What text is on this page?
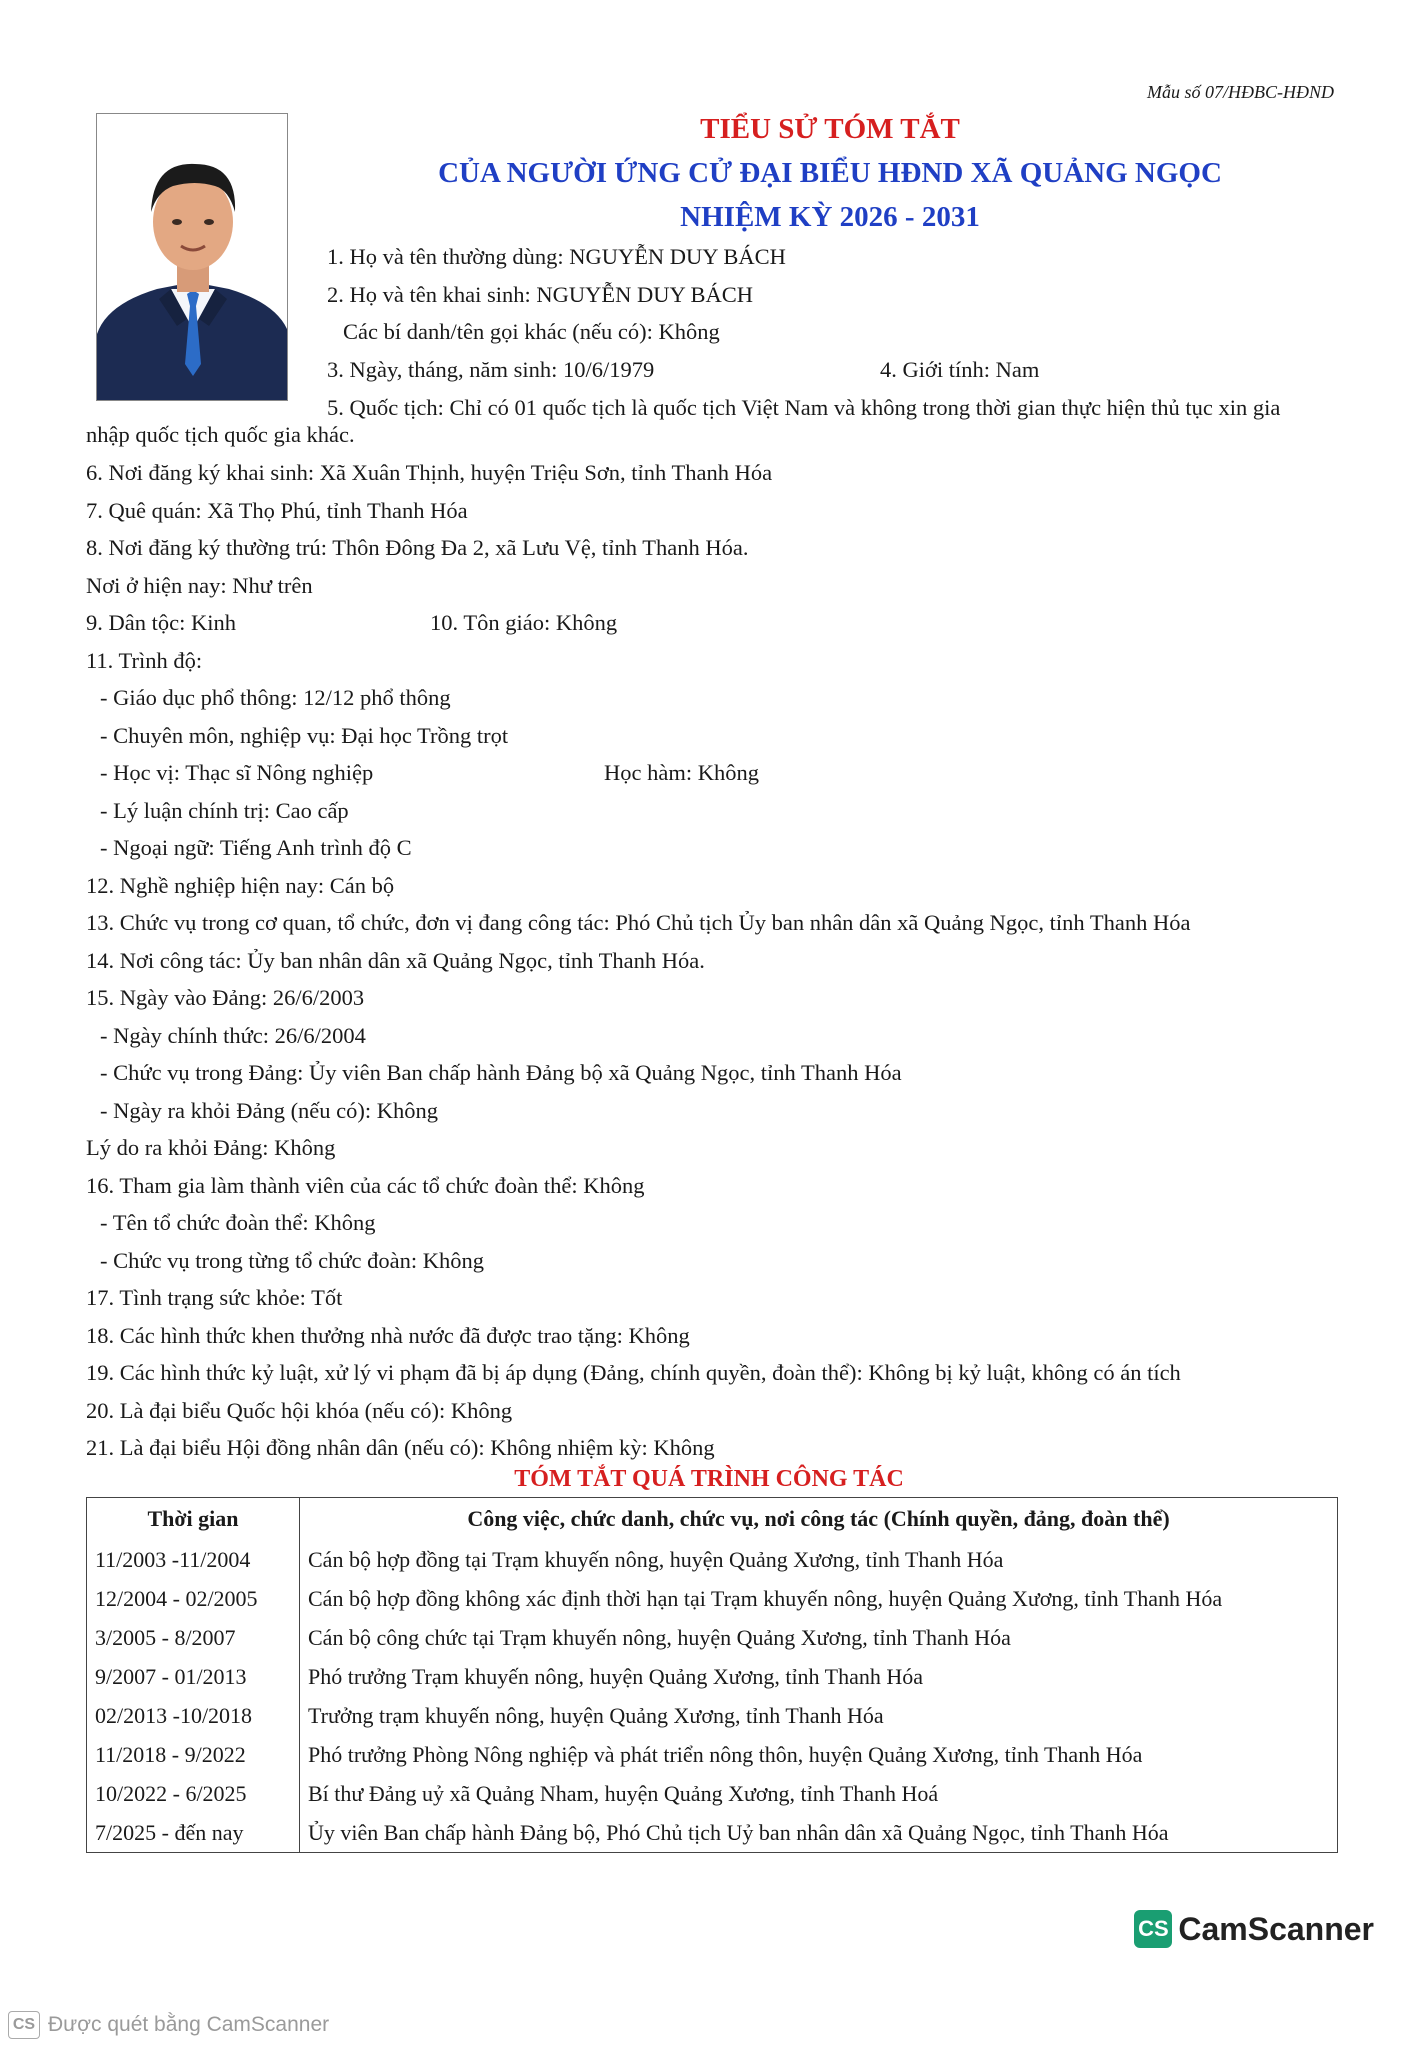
Mẫu số 07/HĐBC-HĐND
TIỂU SỬ TÓM TẮT
CỦA NGƯỜI ỨNG CỬ ĐẠI BIỂU HĐND XÃ QUẢNG NGỌC
NHIỆM KỲ 2026 - 2031
1. Họ và tên thường dùng: NGUYỄN DUY BÁCH
2. Họ và tên khai sinh: NGUYỄN DUY BÁCH
Các bí danh/tên gọi khác (nếu có): Không
3. Ngày, tháng, năm sinh: 10/6/1979	4. Giới tính: Nam
5. Quốc tịch: Chỉ có 01 quốc tịch là quốc tịch Việt Nam và không trong thời gian thực hiện thủ tục xin gia
nhập quốc tịch quốc gia khác.
6. Nơi đăng ký khai sinh: Xã Xuân Thịnh, huyện Triệu Sơn, tỉnh Thanh Hóa
7. Quê quán: Xã Thọ Phú, tỉnh Thanh Hóa
8. Nơi đăng ký thường trú: Thôn Đông Đa 2, xã Lưu Vệ, tỉnh Thanh Hóa.
Nơi ở hiện nay: Như trên
9. Dân tộc: Kinh	10. Tôn giáo: Không
11. Trình độ:
- Giáo dục phổ thông: 12/12 phổ thông
- Chuyên môn, nghiệp vụ: Đại học Trồng trọt
- Học vị: Thạc sĩ Nông nghiệp	Học hàm: Không
- Lý luận chính trị: Cao cấp
- Ngoại ngữ: Tiếng Anh trình độ C
12. Nghề nghiệp hiện nay: Cán bộ
13. Chức vụ trong cơ quan, tổ chức, đơn vị đang công tác: Phó Chủ tịch Ủy ban nhân dân xã Quảng Ngọc, tỉnh Thanh Hóa
14. Nơi công tác: Ủy ban nhân dân xã Quảng Ngọc, tỉnh Thanh Hóa.
15. Ngày vào Đảng: 26/6/2003
- Ngày chính thức: 26/6/2004
- Chức vụ trong Đảng: Ủy viên Ban chấp hành Đảng bộ xã Quảng Ngọc, tỉnh Thanh Hóa
- Ngày ra khỏi Đảng (nếu có): Không
Lý do ra khỏi Đảng: Không
16. Tham gia làm thành viên của các tổ chức đoàn thể: Không
- Tên tổ chức đoàn thể: Không
- Chức vụ trong từng tổ chức đoàn: Không
17. Tình trạng sức khỏe: Tốt
18. Các hình thức khen thưởng nhà nước đã được trao tặng: Không
19. Các hình thức kỷ luật, xử lý vi phạm đã bị áp dụng (Đảng, chính quyền, đoàn thể): Không bị kỷ luật, không có án tích
20. Là đại biểu Quốc hội khóa (nếu có): Không
21. Là đại biểu Hội đồng nhân dân (nếu có): Không nhiệm kỳ: Không
TÓM TẮT QUÁ TRÌNH CÔNG TÁC
Thời gian	Công việc, chức danh, chức vụ, nơi công tác (Chính quyền, đảng, đoàn thể)
11/2003 -11/2004	Cán bộ hợp đồng tại Trạm khuyến nông, huyện Quảng Xương, tỉnh Thanh Hóa
12/2004 - 02/2005	Cán bộ hợp đồng không xác định thời hạn tại Trạm khuyến nông, huyện Quảng Xương, tỉnh Thanh Hóa
3/2005 - 8/2007	Cán bộ công chức tại Trạm khuyến nông, huyện Quảng Xương, tỉnh Thanh Hóa
9/2007 - 01/2013	Phó trưởng Trạm khuyến nông, huyện Quảng Xương, tỉnh Thanh Hóa
02/2013 -10/2018	Trưởng trạm khuyến nông, huyện Quảng Xương, tỉnh Thanh Hóa
11/2018 - 9/2022	Phó trưởng Phòng Nông nghiệp và phát triển nông thôn, huyện Quảng Xương, tỉnh Thanh Hóa
10/2022 - 6/2025	Bí thư Đảng uỷ xã Quảng Nham, huyện Quảng Xương, tỉnh Thanh Hoá
7/2025 - đến nay	Ủy viên Ban chấp hành Đảng bộ, Phó Chủ tịch Uỷ ban nhân dân xã Quảng Ngọc, tỉnh Thanh Hóa
CS CamScanner
CS Được quét bằng CamScanner
